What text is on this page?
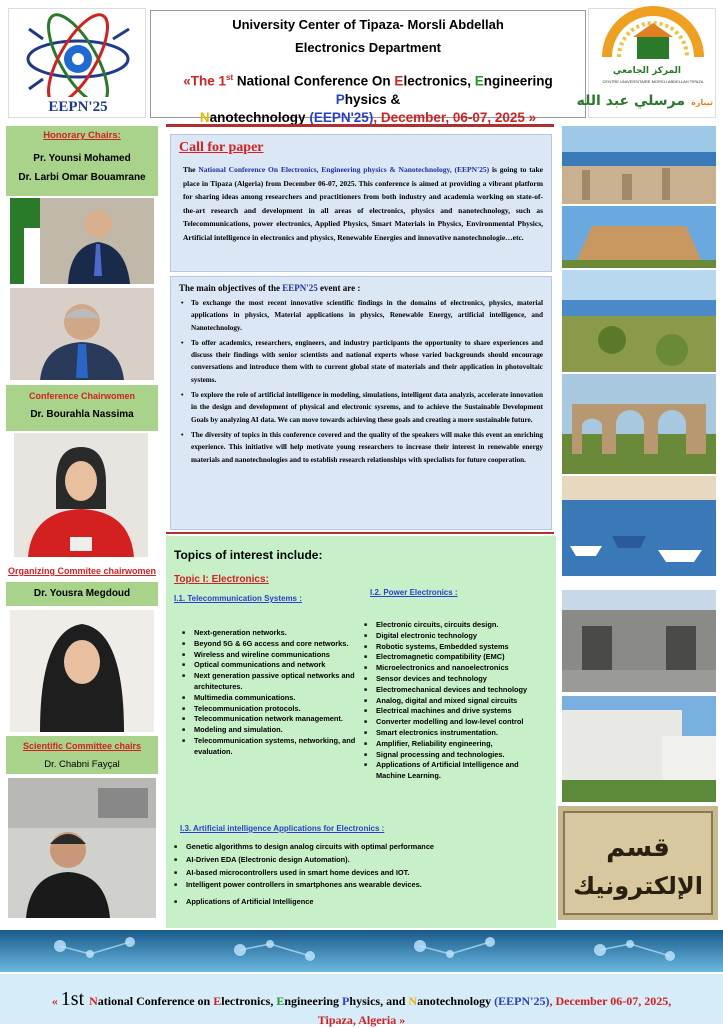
EEPN'25
University Center of Tipaza- Morsli Abdellah
Electronics Department
«The 1st National Conference On Electronics, Engineering Physics &
Nanotechnology (EEPN'25), December, 06-07, 2025 »
المركز الجامعي
CENTRE UNIVERSITAIRE MORSLI ABDELLAH TIPAZA
مرسلي عبد الله تيبازة
Honorary Chairs:
Pr. Younsi Mohamed
Dr. Larbi Omar Bouamrane
Conference Chairwomen
Dr. Bourahla Nassima
Organizing Commitee chairwomen
Dr. Yousra Megdoud
Scientific Committee chairs
Dr. Chabni Fayçal
Call for paper
The National Conference On Electronics, Engineering physics & Nanotechnology, (EEPN'25) is going to take place in Tipaza (Algeria) from December 06-07, 2025. This conference is aimed at providing a vibrant platform for sharing ideas among researchers and practitioners from both industry and academia working on state-of-the-art research and development in all areas of electronics, physics and nanotechnology, such as Telecommunications, power electronics, Applied Physics, Smart Materials in Physics, Environmental Physics, Artificial intelligence in electronics and physics, Renewable Energies and innovative nanotechnologie…etc.
The main objectives of the EEPN'25 event are :
• To exchange the most recent innovative scientific findings in the domains of electronics, physics, material applications in physics, Material applications in physics, Renewable Energy, artificial intelligence, and Nanotechnology.
• To offer academics, researchers, engineers, and industry participants the opportunity to share experiences and discuss their findings with senior scientists and national experts whose varied backgrounds should encourage conversations and introduce them with to current global state of materials and their application in photovoltaic systems.
• To explore the role of artificial intelligence in modeling, simulations, intelligent data analyzis, accelerate innovation in the design and development of physical and electronic sysrems, and to achieve the Sustainable Development Goals by analyzing AI data. We can move towards achieving these goals and creating a more sustainable future.
• The diversity of topics in this conference covered and the quality of the speakers will make this event an enriching experience. This initiative will help motivate young researchers to increase their interest in renewable energy materials and nanotechnologies and to establish research relationships with specialists for future cooperation.
Topics of interest include:
Topic I: Electronics:
I.1. Telecommunication Systems :
■ Next-generation networks.
■ Beyond 5G & 6G access and core networks.
■ Wireless and wireline communications
■ Optical communications and network
■ Next generation passive optical networks and architectures.
■ Multimedia communications.
■ Telecommunication protocols.
■ Telecommunication network management.
■ Modeling and simulation.
■ Telecommunication systems, networking, and evaluation.
I.2. Power Electronics :
■ Electronic circuits, circuits design.
■ Digital electronic technology
■ Robotic systems, Embedded systems
■ Electromagnetic compatibility (EMC)
■ Microelectronics and nanoelectronics
■ Sensor devices and technology
■ Electromechanical devices and technology
■ Analog, digital and mixed signal circuits
■ Electrical machines and drive systems
■ Converter modelling and low-level control
■ Smart electronics instrumentation.
■ Amplifier, Reliability engineering,
■ Signal processing and technologies.
■ Applications of Artificial Intelligence and Machine Learning.
I.3. Artificial intelligence Applications for Electronics :
■ Genetic algorithms to design analog circuits with optimal performance
■ AI-Driven EDA (Electronic design Automation).
■ AI-based microcontrollers used in smart home devices and IOT.
■ Intelligent power controllers in smartphones ans wearable devices.
■ Applications of Artificial Intelligence
قسم
الإلكترونيك
« 1st National Conference on Electronics, Engineering Physics, and Nanotechnology (EEPN'25), December 06-07, 2025,
Tipaza, Algeria »
